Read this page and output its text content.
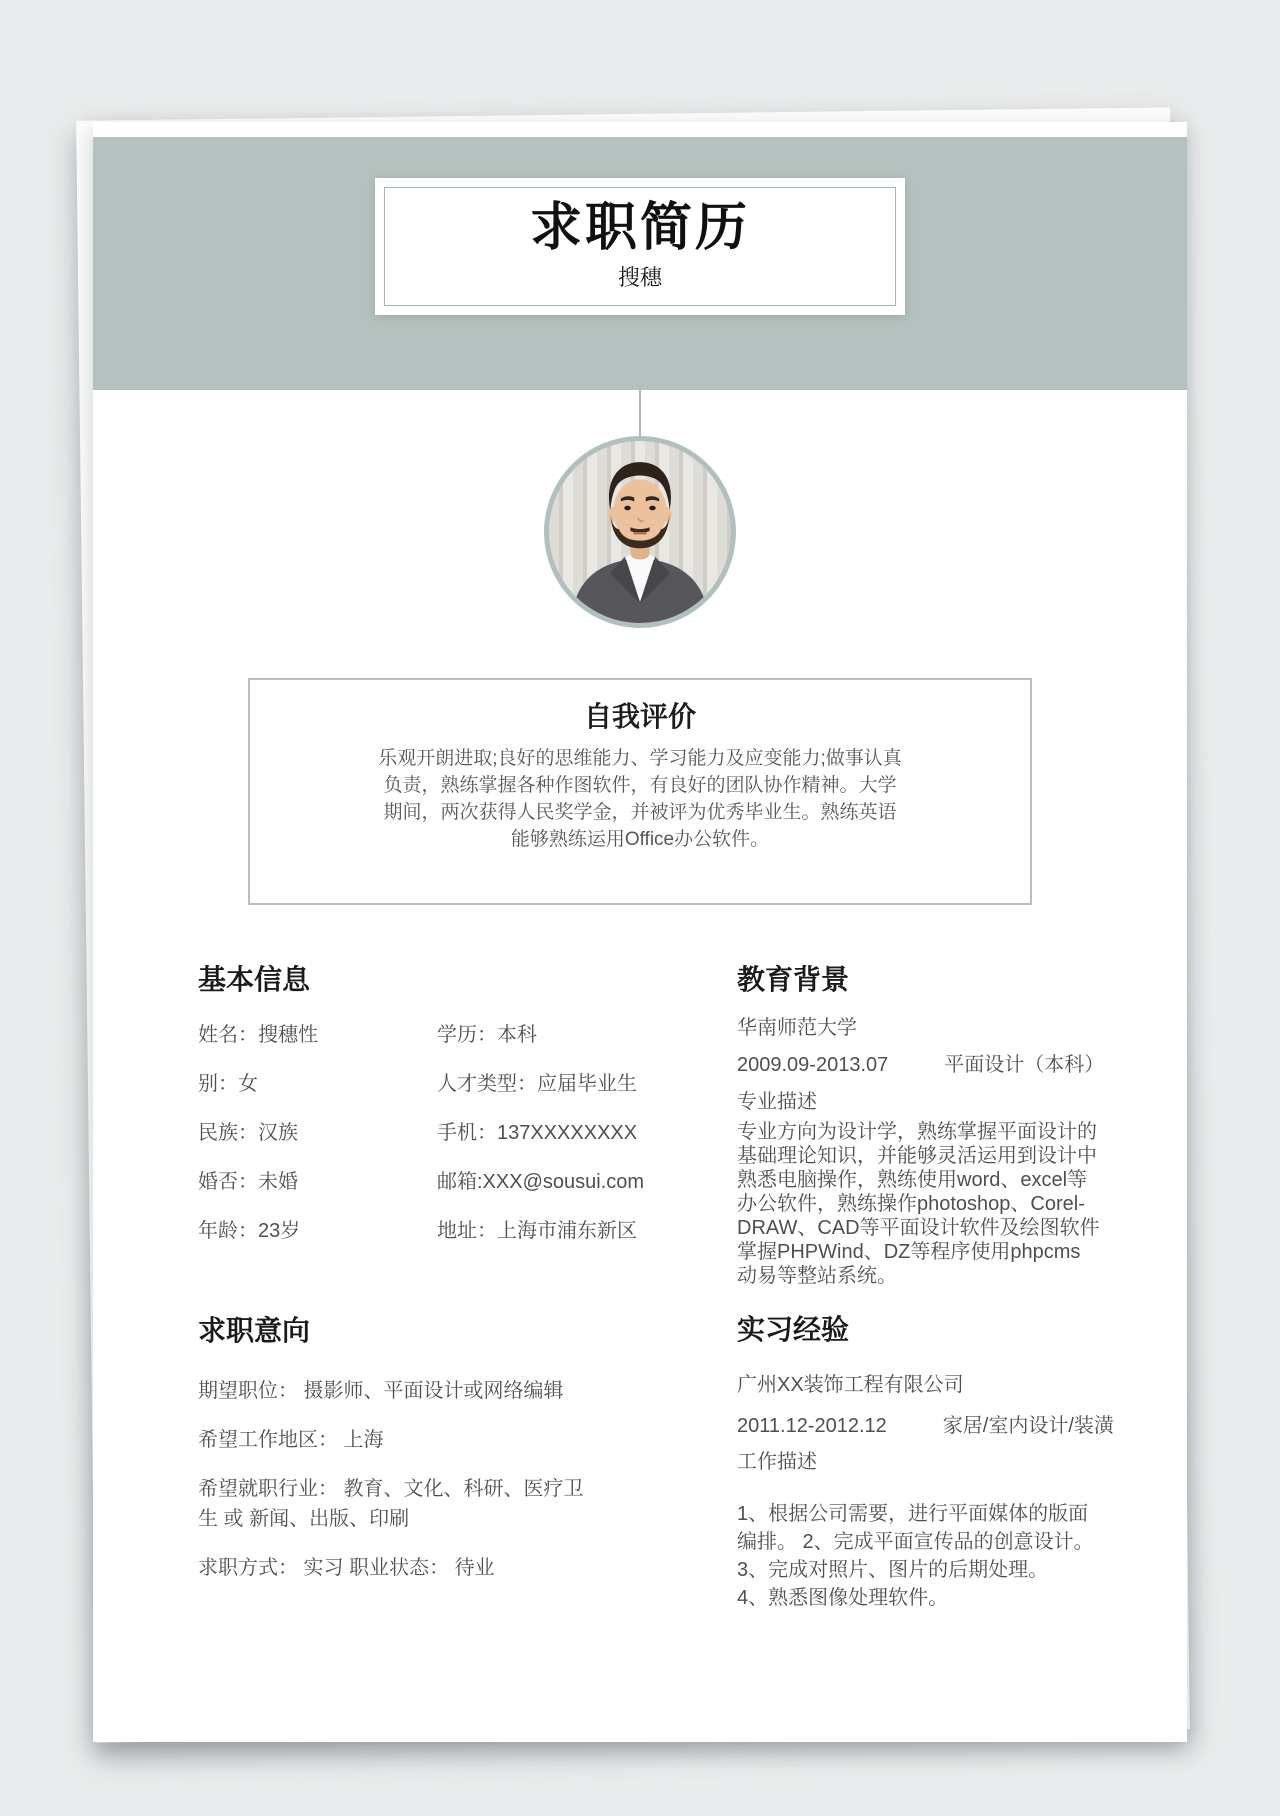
求职简历
搜穗
自我评价
乐观开朗进取;良好的思维能力、学习能力及应变能力;做事认真
负责，熟练掌握各种作图软件，有良好的团队协作精神。大学
期间，两次获得人民奖学金，并被评为优秀毕业生。熟练英语
能够熟练运用Office办公软件。
基本信息
姓名：搜穗性
别：女
民族：汉族
婚否：未婚
年龄：23岁
学历：本科
人才类型：应届毕业生
手机：137XXXXXXXX
邮箱:XXX@sousui.com
地址：上海市浦东新区
教育背景
华南师范大学
2009.09-2013.07	平面设计（本科）
专业描述
专业方向为设计学，熟练掌握平面设计的
基础理论知识，并能够灵活运用到设计中
熟悉电脑操作，熟练使用word、excel等
办公软件，熟练操作photoshop、Corel-
DRAW、CAD等平面设计软件及绘图软件
掌握PHPWind、DZ等程序使用phpcms
动易等整站系统。
求职意向
期望职位： 摄影师、平面设计或网络编辑
希望工作地区： 上海
希望就职行业： 教育、文化、科研、医疗卫生 或 新闻、出版、印刷
求职方式： 实习 职业状态： 待业
实习经验
广州XX装饰工程有限公司
2011.12-2012.12	家居/室内设计/装潢工作描述
1、根据公司需要，进行平面媒体的版面
编排。 2、完成平面宣传品的创意设计。
3、完成对照片、图片的后期处理。
4、熟悉图像处理软件。
